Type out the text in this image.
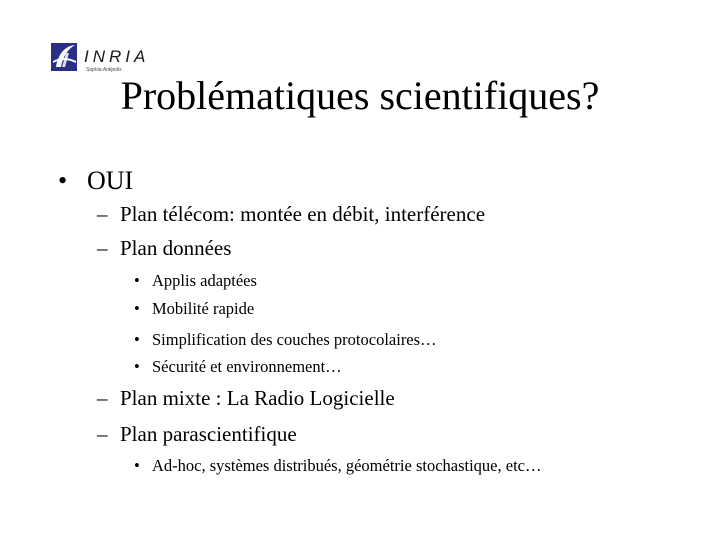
INRIA
Sophia Antipolis
Problématiques scientifiques?
• OUI
– Plan télécom: montée en débit, interférence
– Plan données
• Applis adaptées
• Mobilité rapide
• Simplification des couches protocolaires…
• Sécurité et environnement…
– Plan mixte : La Radio Logicielle
– Plan parascientifique
• Ad-hoc, systèmes distribués, géométrie stochastique, etc…
